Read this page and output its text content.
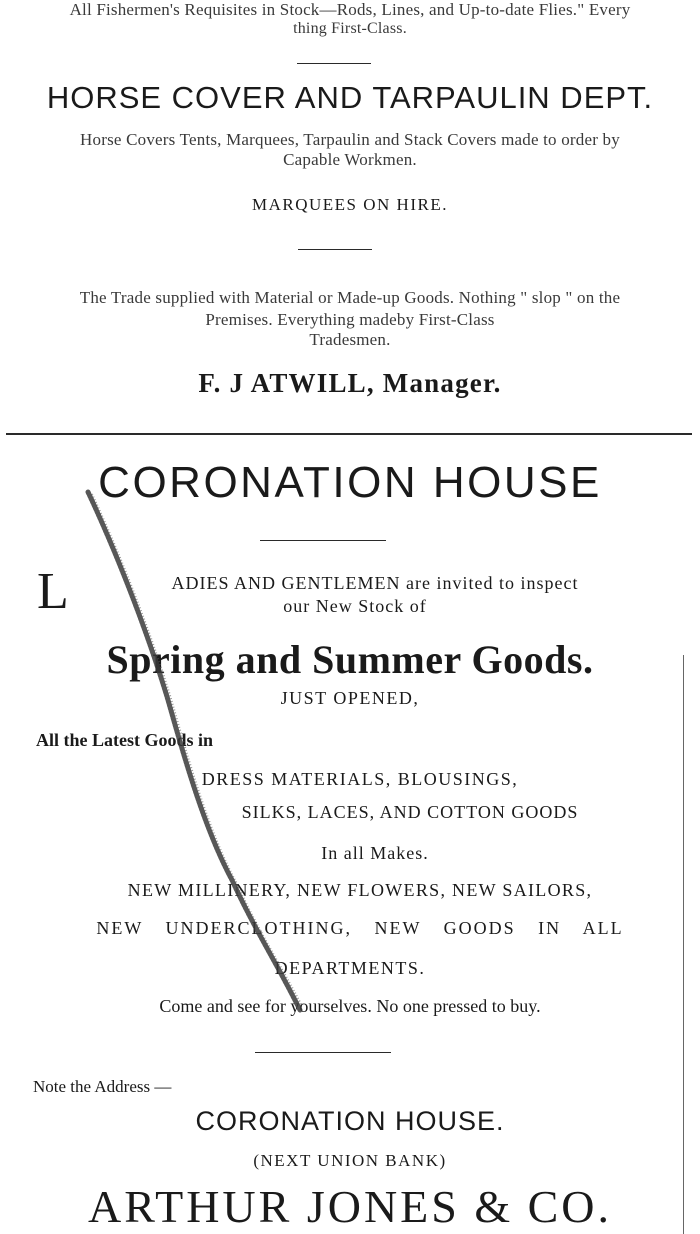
All Fishermen's Requisites in Stock—Rods, Lines, and Up-to-date Flies." Every
thing First-Class.
HORSE COVER AND TARPAULIN DEPT.
Horse Covers Tents, Marquees, Tarpaulin and Stack Covers made to order by
Capable Workmen.
MARQUEES ON HIRE.
The Trade supplied with Material or Made-up Goods. Nothing " slop " on the
Premises. Everything madeby First-Class
Tradesmen.
F. J ATWILL, Manager.
CORONATION HOUSE
L	ADIES AND GENTLEMEN are invited to inspect
our New Stock of
Spring and Summer Goods.
JUST OPENED,
All the Latest Goods in
DRESS MATERIALS, BLOUSINGS,
SILKS, LACES, AND COTTON GOODS
In all Makes.
NEW MILLINERY, NEW FLOWERS, NEW SAILORS,
NEW UNDERCLOTHING, NEW GOODS IN ALL
DEPARTMENTS.
Come and see for yourselves. No one pressed to buy.
Note the Address —
CORONATION HOUSE.
(NEXT UNION BANK)
ARTHUR JONES & CO.
